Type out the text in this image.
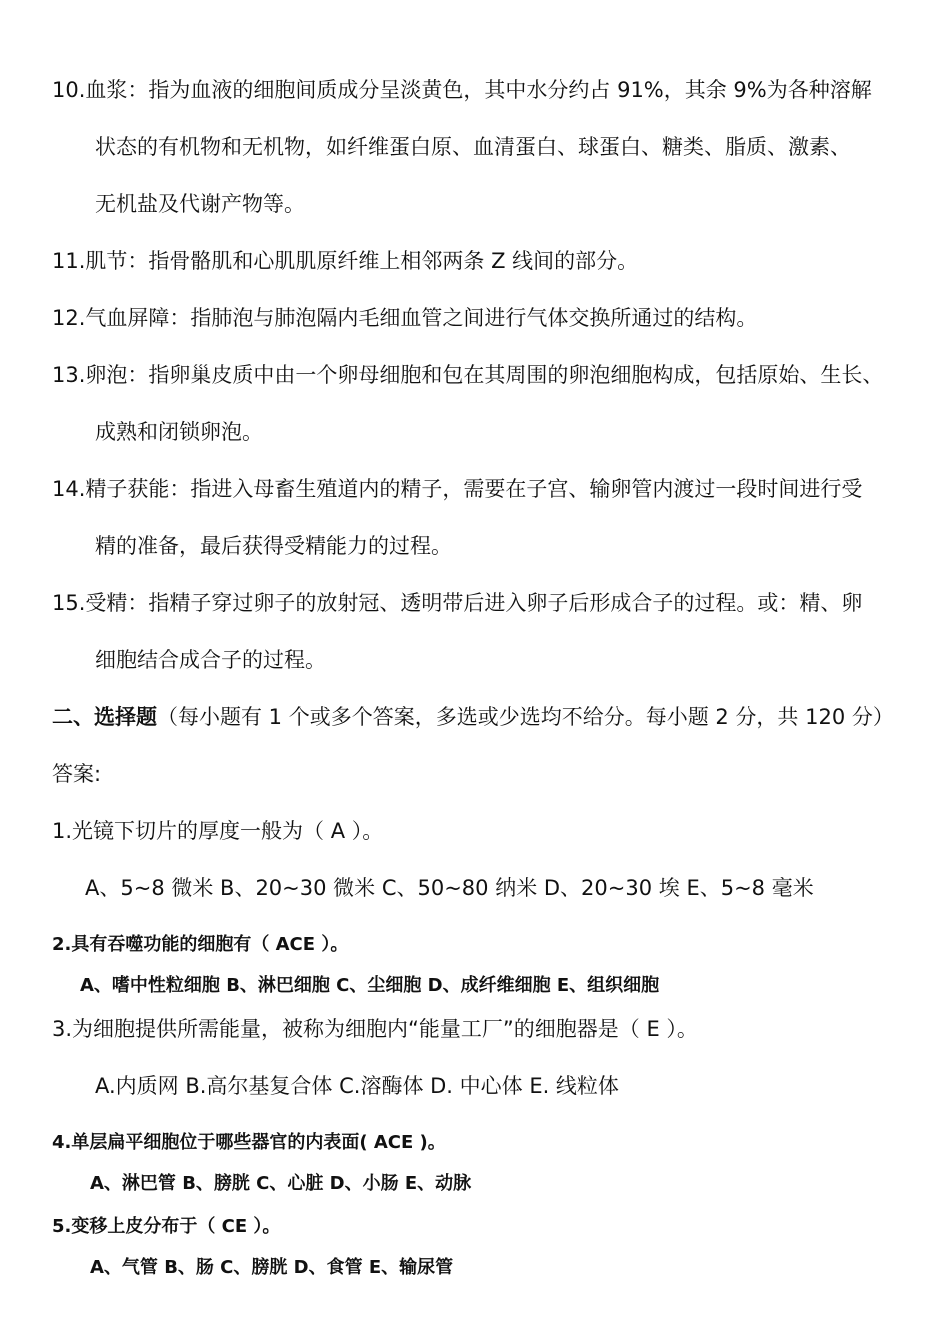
10.血浆：指为血液的细胞间质成分呈淡黄色，其中水分约占 91%，其余 9%为各种溶解
状态的有机物和无机物，如纤维蛋白原、血清蛋白、球蛋白、糖类、脂质、激素、
无机盐及代谢产物等。
11.肌节：指骨骼肌和心肌肌原纤维上相邻两条 Z 线间的部分。
12.气血屏障：指肺泡与肺泡隔内毛细血管之间进行气体交换所通过的结构。
13.卵泡：指卵巢皮质中由一个卵母细胞和包在其周围的卵泡细胞构成，包括原始、生长、
成熟和闭锁卵泡。
14.精子获能：指进入母畜生殖道内的精子，需要在子宫、输卵管内渡过一段时间进行受
精的准备，最后获得受精能力的过程。
15.受精：指精子穿过卵子的放射冠、透明带后进入卵子后形成合子的过程。或：精、卵
细胞结合成合子的过程。
二、选择题（每小题有 1 个或多个答案，多选或少选均不给分。每小题 2 分，共 120 分）
答案:
1.光镜下切片的厚度一般为（ A ）。
A、5~8 微米 B、20~30 微米 C、50~80 纳米 D、20~30 埃 E、5~8 毫米
2.具有吞噬功能的细胞有（ ACE ）。
A、嗜中性粒细胞 B、淋巴细胞 C、尘细胞 D、成纤维细胞 E、组织细胞
3.为细胞提供所需能量，被称为细胞内“能量工厂”的细胞器是（ E ）。
A.内质网 B.高尔基复合体 C.溶酶体 D. 中心体 E. 线粒体
4.单层扁平细胞位于哪些器官的内表面( ACE )。
A、淋巴管 B、膀胱 C、心脏 D、小肠 E、动脉
5.变移上皮分布于（ CE ）。
A、气管 B、肠 C、膀胱 D、食管 E、输尿管
